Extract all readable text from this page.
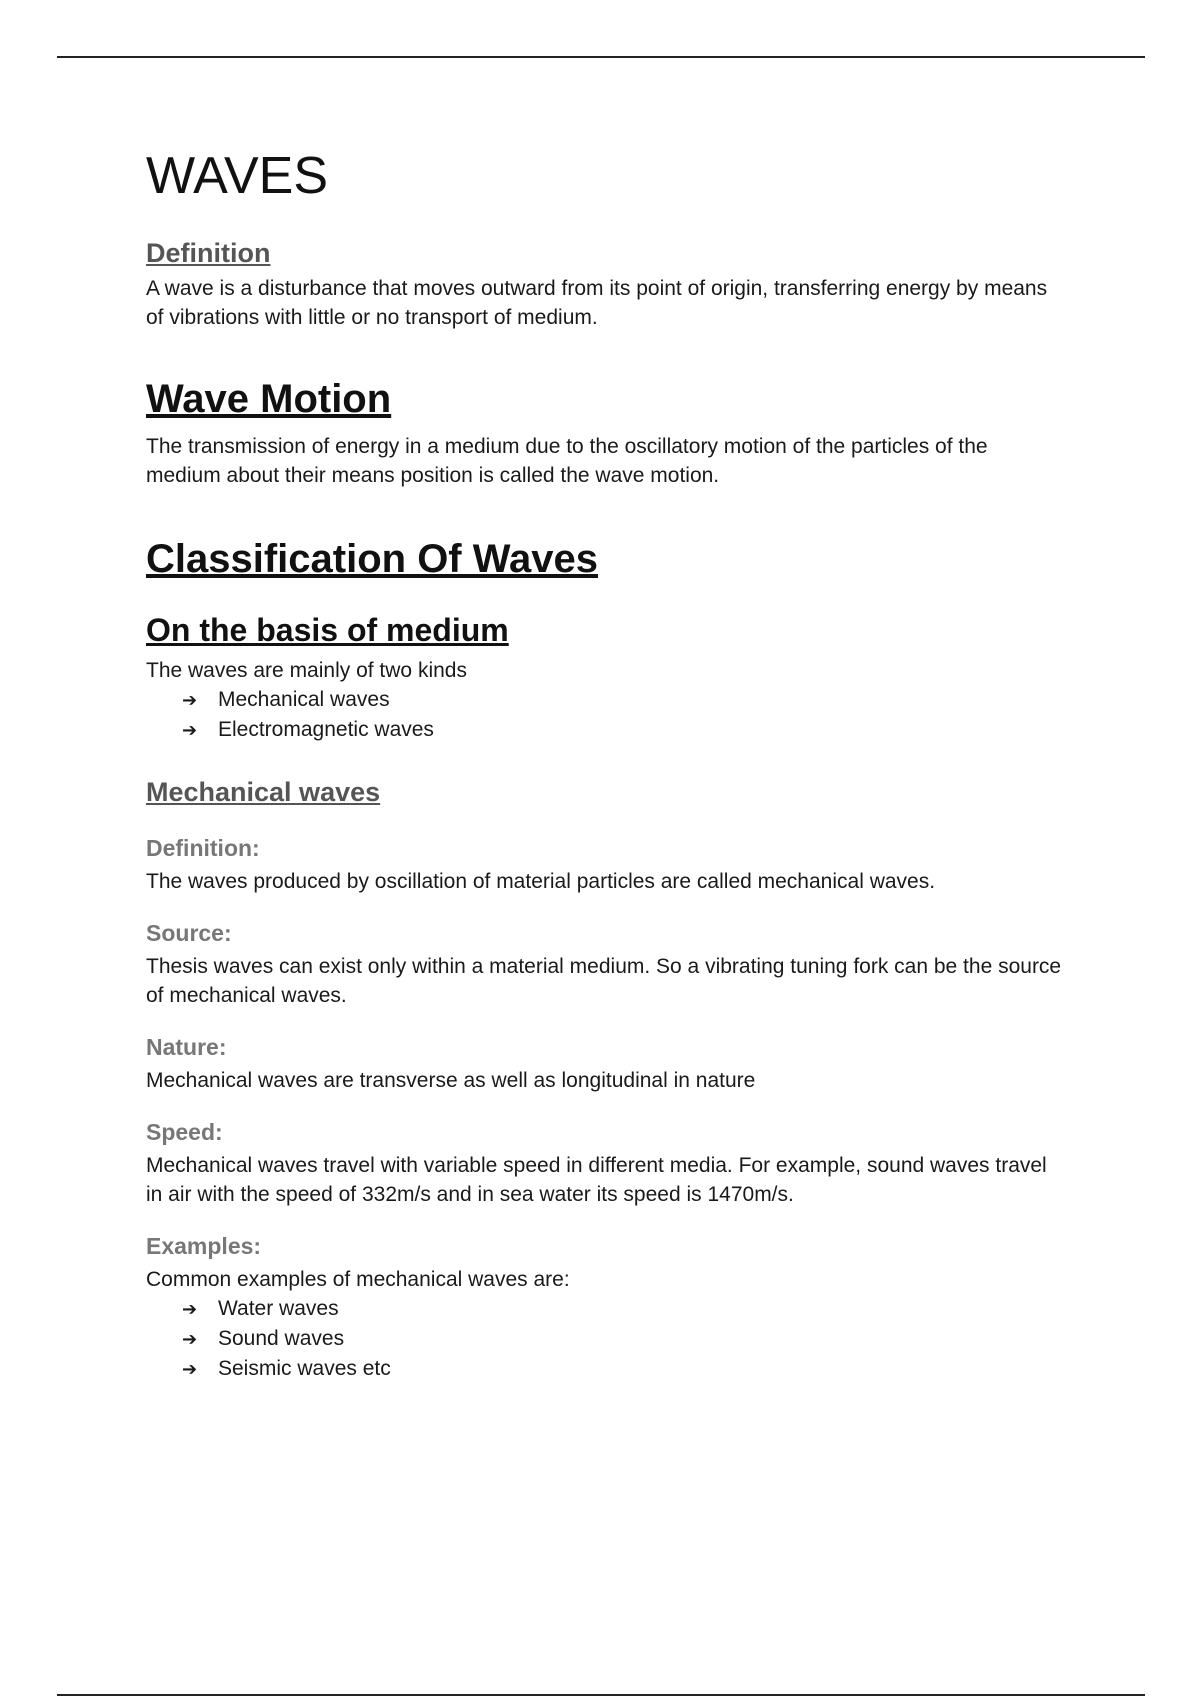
WAVES
Definition

A wave is a disturbance that moves outward from its point of origin, transferring energy by means of vibrations with little or no transport of medium.

Wave Motion

The transmission of energy in a medium due to the oscillatory motion of the particles of the medium about their means position is called the wave motion.

Classification Of Waves
On the basis of medium

The waves are mainly of two kinds

➔ Mechanical waves
➔ Electromagnetic waves
Mechanical waves
Definition:

The waves produced by oscillation of material particles are called mechanical waves.

Source:

Thesis waves can exist only within a material medium. So a vibrating tuning fork can be the source of mechanical waves.

Nature:

Mechanical waves are transverse as well as longitudinal in nature

Speed:

Mechanical waves travel with variable speed in different media. For example, sound waves travel in air with the speed of 332m/s and in sea water its speed is 1470m/s.

Examples:

Common examples of mechanical waves are:

➔ Water waves
➔ Sound waves
➔ Seismic waves etc
